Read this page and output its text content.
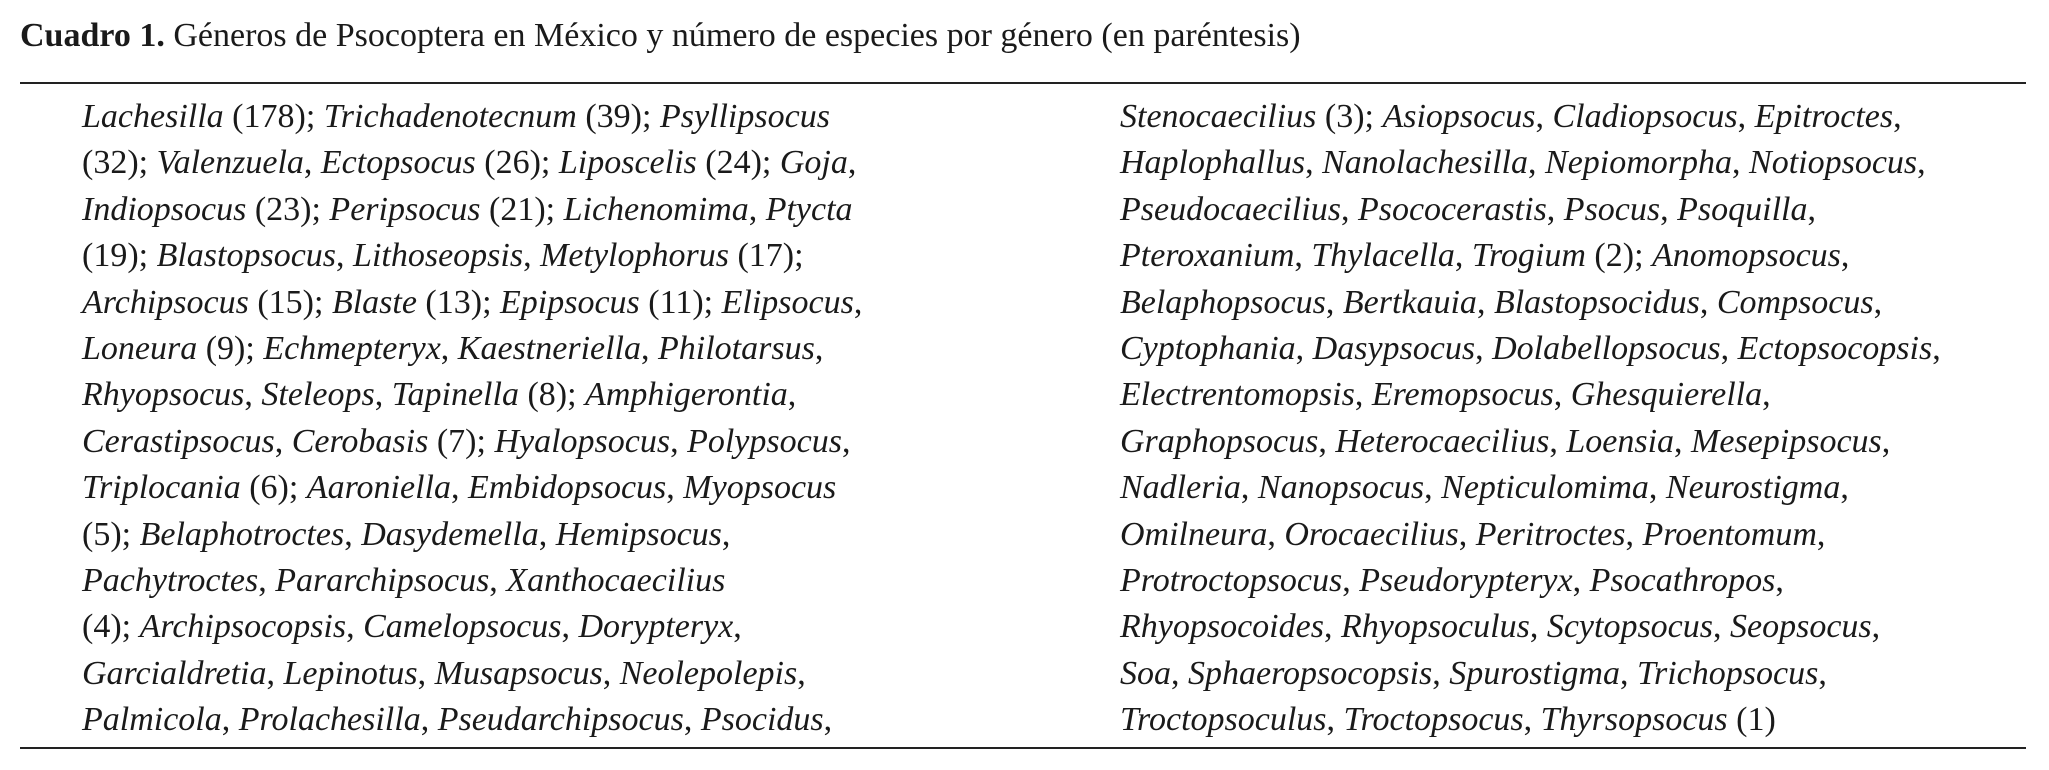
Cuadro 1. Géneros de Psocoptera en México y número de especies por género (en paréntesis)
Lachesilla (178); Trichadenotecnum (39); Psyllipsocus
(32); Valenzuela, Ectopsocus (26); Liposcelis (24); Goja,
Indiopsocus (23); Peripsocus (21); Lichenomima, Ptycta
(19); Blastopsocus, Lithoseopsis, Metylophorus (17);
Archipsocus (15); Blaste (13); Epipsocus (11); Elipsocus,
Loneura (9); Echmepteryx, Kaestneriella, Philotarsus,
Rhyopsocus, Steleops, Tapinella (8); Amphigerontia,
Cerastipsocus, Cerobasis (7); Hyalopsocus, Polypsocus,
Triplocania (6); Aaroniella, Embidopsocus, Myopsocus
(5); Belaphotroctes, Dasydemella, Hemipsocus,
Pachytroctes, Pararchipsocus, Xanthocaecilius
(4); Archipsocopsis, Camelopsocus, Dorypteryx,
Garcialdretia, Lepinotus, Musapsocus, Neolepolepis,
Palmicola, Prolachesilla, Pseudarchipsocus, Psocidus,
Stenocaecilius (3); Asiopsocus, Cladiopsocus, Epitroctes,
Haplophallus, Nanolachesilla, Nepiomorpha, Notiopsocus,
Pseudocaecilius, Psococerastis, Psocus, Psoquilla,
Pteroxanium, Thylacella, Trogium (2); Anomopsocus,
Belaphopsocus, Bertkauia, Blastopsocidus, Compsocus,
Cyptophania, Dasypsocus, Dolabellopsocus, Ectopsocopsis,
Electrentomopsis, Eremopsocus, Ghesquierella,
Graphopsocus, Heterocaecilius, Loensia, Mesepipsocus,
Nadleria, Nanopsocus, Nepticulomima, Neurostigma,
Omilneura, Orocaecilius, Peritroctes, Proentomum,
Protroctopsocus, Pseudorypteryx, Psocathropos,
Rhyopsocoides, Rhyopsoculus, Scytopsocus, Seopsocus,
Soa, Sphaeropsocopsis, Spurostigma, Trichopsocus,
Troctopsoculus, Troctopsocus, Thyrsopsocus (1)
